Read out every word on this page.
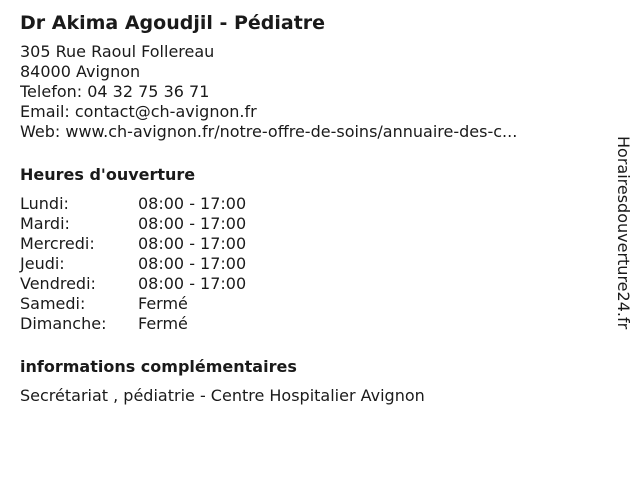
Dr Akima Agoudjil - Pédiatre
305 Rue Raoul Follereau
84000 Avignon
Telefon: 04 32 75 36 71
Email: contact@ch-avignon.fr
Web: www.ch-avignon.fr/notre-offre-de-soins/annuaire-des-c...
Heures d'ouverture
Lundi:	08:00 - 17:00
Mardi:	08:00 - 17:00
Mercredi:	08:00 - 17:00
Jeudi:	08:00 - 17:00
Vendredi:	08:00 - 17:00
Samedi:	Fermé
Dimanche:	Fermé
informations complémentaires
Secrétariat , pédiatrie - Centre Hospitalier Avignon
Horairesdouverture24.fr
